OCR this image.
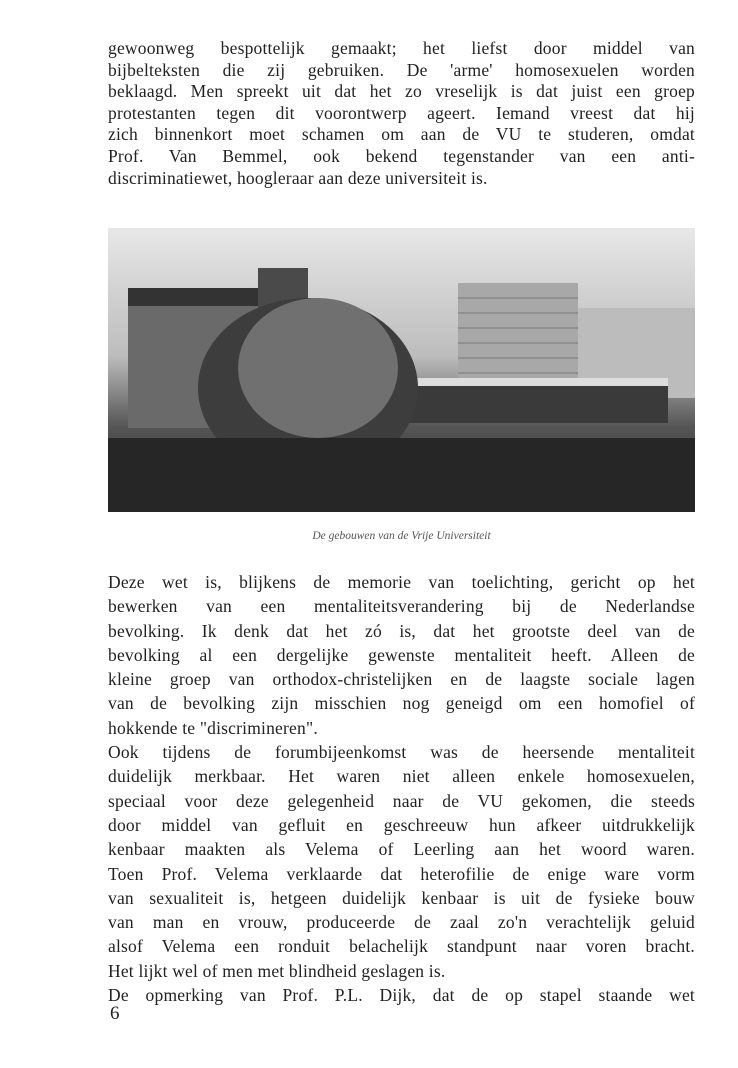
gewoonweg bespottelijk gemaakt; het liefst door middel van
bijbelteksten die zij gebruiken. De 'arme' homosexuelen worden
beklaagd. Men spreekt uit dat het zo vreselijk is dat juist een groep
protestanten tegen dit voorontwerp ageert. Iemand vreest dat hij
zich binnenkort moet schamen om aan de VU te studeren, omdat
Prof. Van Bemmel, ook bekend tegenstander van een anti-
discriminatiewet, hoogleraar aan deze universiteit is.
De gebouwen van de Vrije Universiteit
Deze wet is, blijkens de memorie van toelichting, gericht op het
bewerken van een mentaliteitsverandering bij de Nederlandse
bevolking. Ik denk dat het zó is, dat het grootste deel van de
bevolking al een dergelijke gewenste mentaliteit heeft. Alleen de
kleine groep van orthodox-christelijken en de laagste sociale lagen
van de bevolking zijn misschien nog geneigd om een homofiel of
hokkende te "discrimineren".
Ook tijdens de forumbijeenkomst was de heersende mentaliteit
duidelijk merkbaar. Het waren niet alleen enkele homosexuelen,
speciaal voor deze gelegenheid naar de VU gekomen, die steeds
door middel van gefluit en geschreeuw hun afkeer uitdrukkelijk
kenbaar maakten als Velema of Leerling aan het woord waren.
Toen Prof. Velema verklaarde dat heterofilie de enige ware vorm
van sexualiteit is, hetgeen duidelijk kenbaar is uit de fysieke bouw
van man en vrouw, produceerde de zaal zo'n verachtelijk geluid
alsof Velema een ronduit belachelijk standpunt naar voren bracht.
Het lijkt wel of men met blindheid geslagen is.
De opmerking van Prof. P.L. Dijk, dat de op stapel staande wet
6
